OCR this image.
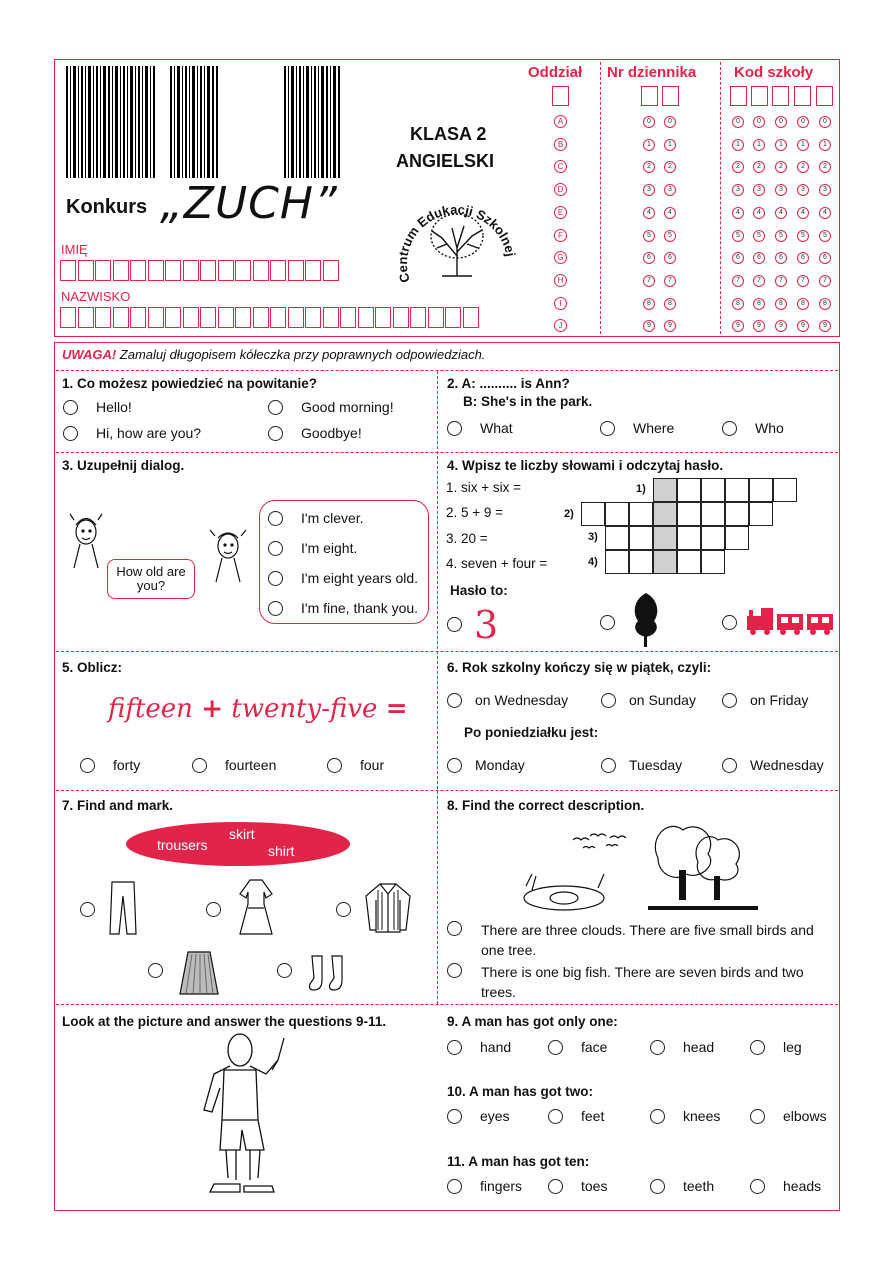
Konkurs „ZUCH”
KLASA 2
ANGIELSKI
Centrum Edukacji Szkolnej
IMIĘ
NAZWISKO
Oddział Nr dziennika	Kod szkoły
A	0	0	0	0	0	0	0
B	1	1	1	1	1	1	1
C	2	2	2	2	2	2	2
D	3	3	3	3	3	3	3
E	4	4	4	4	4	4	4
F	5	5	5	5	5	5	5
G	6	6	6	6	6	6	6
H	7	7	7	7	7	7	7
I	8	8	8	8	8	8	8
J	9	9	9	9	9	9	9
UWAGA! Zamaluj długopisem kółeczka przy poprawnych odpowiedziach.
1. Co możesz powiedzieć na powitanie?
Hello!	Good morning!
Hi, how are you?	Goodbye!
2. A: .......... is Ann?
B: She's in the park.
What	Where	Who
3. Uzupełnij dialog.
How old are you?
I'm clever.
I'm eight.
I'm eight years old.
I'm fine, thank you.
4. Wpisz te liczby słowami i odczytaj hasło.
1. six + six =
2. 5 + 9 =
3. 20 =
4. seven + four =
1)
2)
3)
4)
Hasło to:
3
5. Oblicz:
fifteen + twenty-five =
forty	fourteen	four
6. Rok szkolny kończy się w piątek, czyli:
on Wednesday	on Sunday	on Friday
Po poniedziałku jest:
Monday	Tuesday	Wednesday
7. Find and mark.
trousers
skirt
shirt
8. Find the correct description.
There are three clouds. There are five small birds and one tree.
There is one big fish. There are seven birds and two trees.
Look at the picture and answer the questions 9-11.	9. A man has got only one:
hand	face	head	leg
10. A man has got two:
eyes	feet	knees	elbows
11. A man has got ten:
fingers	toes	teeth	heads
